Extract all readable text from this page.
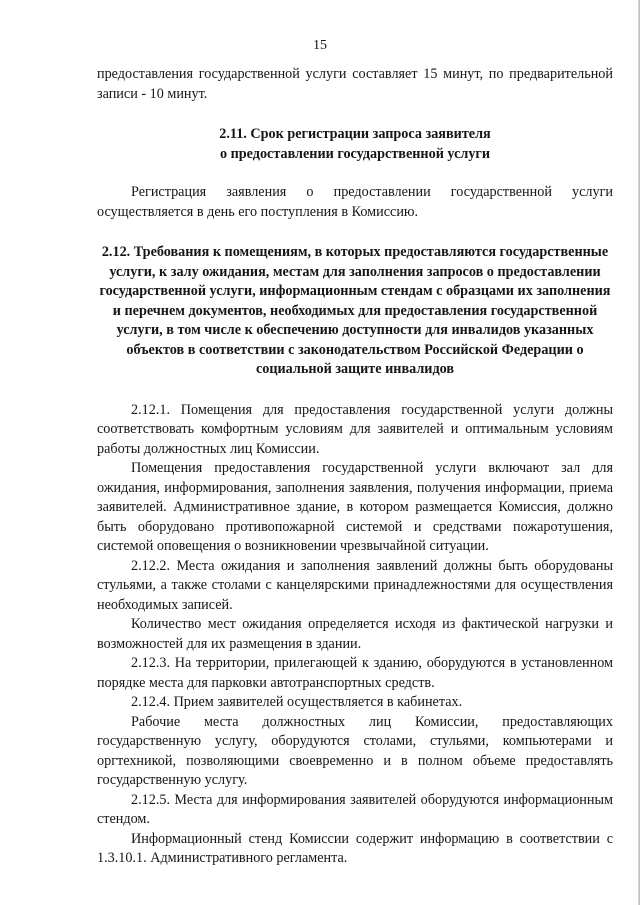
15

предоставления государственной услуги составляет 15 минут, по предварительной записи - 10 минут.

2.11. Срок регистрации запроса заявителя
о предоставлении государственной услуги

Регистрация заявления о предоставлении государственной услуги осуществляется в день его поступления в Комиссию.

2.12. Требования к помещениям, в которых предоставляются государственные услуги, к залу ожидания, местам для заполнения запросов о предоставлении государственной услуги, информационным стендам с образцами их заполнения и перечнем документов, необходимых для предоставления государственной услуги, в том числе к обеспечению доступности для инвалидов указанных объектов в соответствии с законодательством Российской Федерации о социальной защите инвалидов

2.12.1. Помещения для предоставления государственной услуги должны соответствовать комфортным условиям для заявителей и оптимальным условиям работы должностных лиц Комиссии.

Помещения предоставления государственной услуги включают зал для ожидания, информирования, заполнения заявления, получения информации, приема заявителей. Административное здание, в котором размещается Комиссия, должно быть оборудовано противопожарной системой и средствами пожаротушения, системой оповещения о возникновении чрезвычайной ситуации.

2.12.2. Места ожидания и заполнения заявлений должны быть оборудованы стульями, а также столами с канцелярскими принадлежностями для осуществления необходимых записей.

Количество мест ожидания определяется исходя из фактической нагрузки и возможностей для их размещения в здании.

2.12.3. На территории, прилегающей к зданию, оборудуются в установленном порядке места для парковки автотранспортных средств.

2.12.4. Прием заявителей осуществляется в кабинетах.

Рабочие места должностных лиц Комиссии, предоставляющих государственную услугу, оборудуются столами, стульями, компьютерами и оргтехникой, позволяющими своевременно и в полном объеме предоставлять государственную услугу.

2.12.5. Места для информирования заявителей оборудуются информационным стендом.

Информационный стенд Комиссии содержит информацию в соответствии с 1.3.10.1. Административного регламента.
